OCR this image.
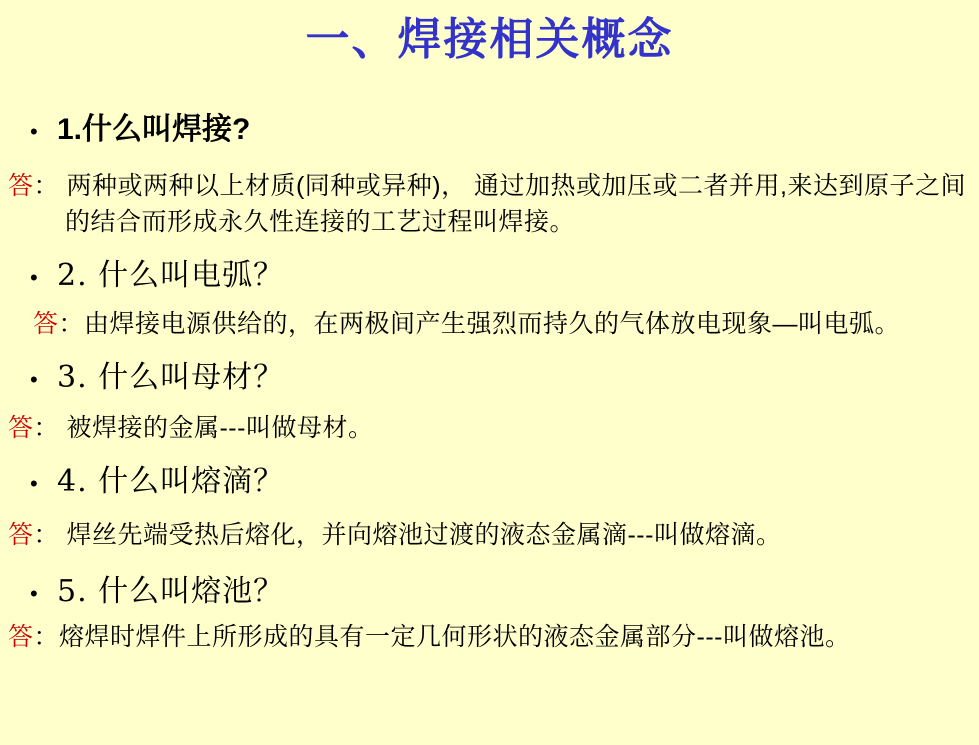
一、焊接相关概念
• 1.什么叫焊接?

答： 两种或两种以上材质(同种或异种)， 通过加热或加压或二者并用,来达到原子之间的结合而形成永久性连接的工艺过程叫焊接。

• 2. 什么叫电弧？

答：由焊接电源供给的，在两极间产生强烈而持久的气体放电现象—叫电弧。

• 3. 什么叫母材？

答： 被焊接的金属---叫做母材。

• 4. 什么叫熔滴？

答： 焊丝先端受热后熔化，并向熔池过渡的液态金属滴---叫做熔滴。

• 5. 什么叫熔池？

答：熔焊时焊件上所形成的具有一定几何形状的液态金属部分---叫做熔池。
